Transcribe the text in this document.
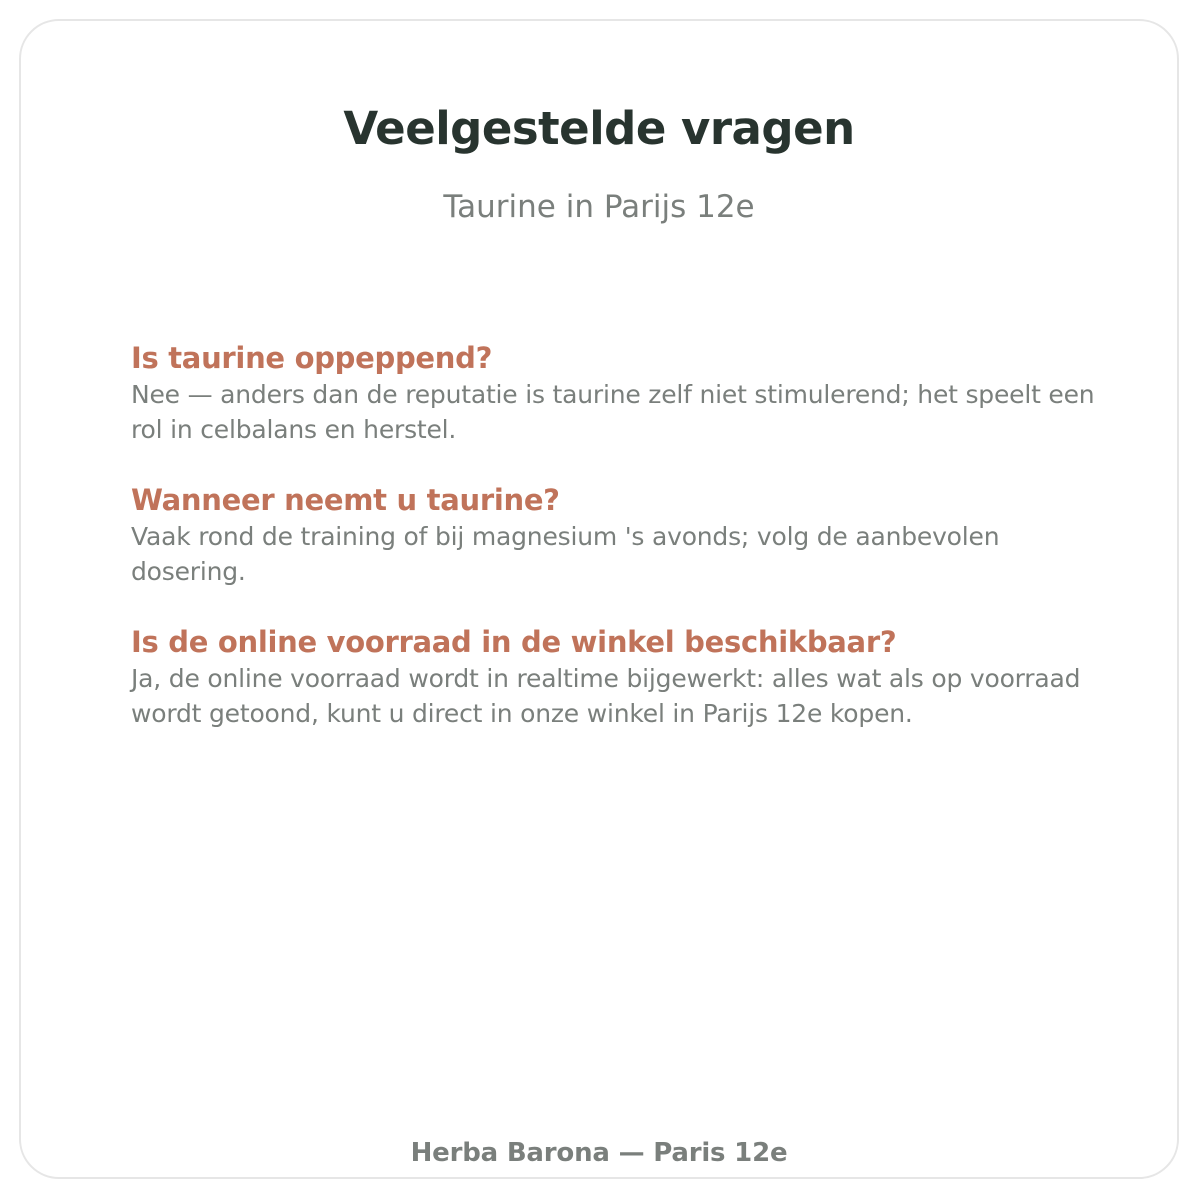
Veelgestelde vragen

Taurine in Parijs 12e

Is taurine oppeppend?

Nee — anders dan de reputatie is taurine zelf niet stimulerend; het speelt een rol in celbalans en herstel.

Wanneer neemt u taurine?

Vaak rond de training of bij magnesium 's avonds; volg de aanbevolen dosering.

Is de online voorraad in de winkel beschikbaar?

Ja, de online voorraad wordt in realtime bijgewerkt: alles wat als op voorraad wordt getoond, kunt u direct in onze winkel in Parijs 12e kopen.

Herba Barona — Paris 12e
